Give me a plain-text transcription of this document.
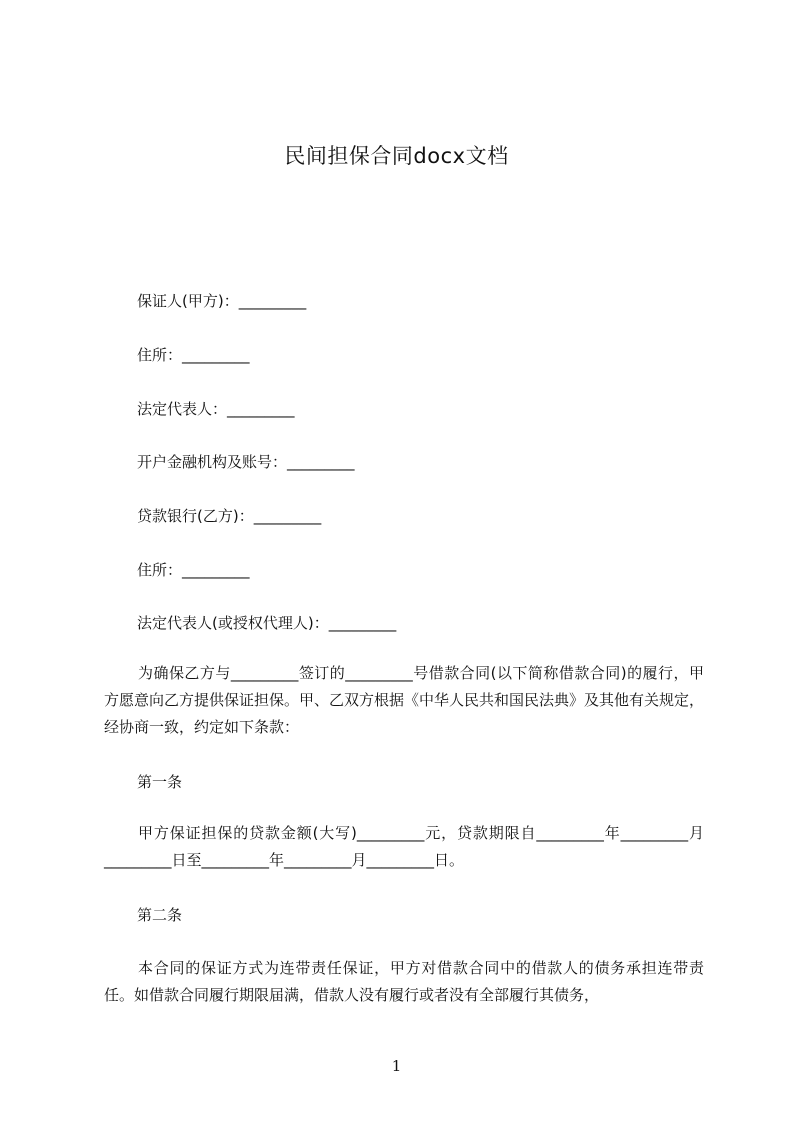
民间担保合同docx文档
保证人(甲方)：_________
住所：_________
法定代表人：_________
开户金融机构及账号：_________
贷款银行(乙方)：_________
住所：_________
法定代表人(或授权代理人)：_________
为确保乙方与_________签订的_________号借款合同(以下简称借款合同)的履行，甲方愿意向乙方提供保证担保。甲、乙双方根据《中华人民共和国民法典》及其他有关规定，经协商一致，约定如下条款：
第一条
甲方保证担保的贷款金额(大写)_________元，贷款期限自_________年_________月_________日至_________年_________月_________日。
第二条
本合同的保证方式为连带责任保证，甲方对借款合同中的借款人的债务承担连带责任。如借款合同履行期限届满，借款人没有履行或者没有全部履行其债务，
1
